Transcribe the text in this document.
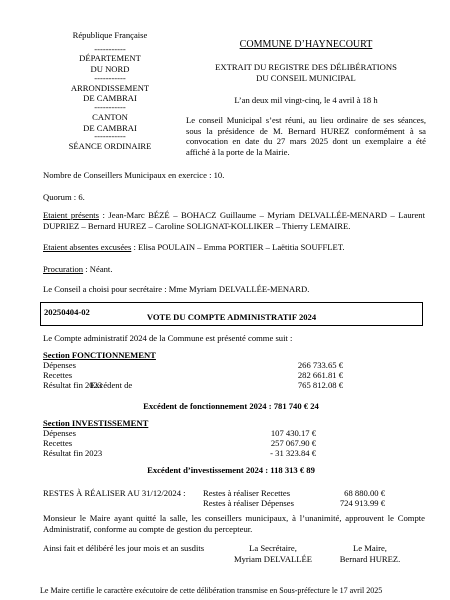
République Française
-----------
DÉPARTEMENT
DU NORD
-----------
ARRONDISSEMENT
DE CAMBRAI
-----------
CANTON
DE CAMBRAI
-----------
SÉANCE ORDINAIRE
COMMUNE D’HAYNECOURT
EXTRAIT DU REGISTRE DES DÉLIBÉRATIONS
DU CONSEIL MUNICIPAL
L’an deux mil vingt-cinq, le 4 avril à 18 h
Le conseil Municipal s’est réuni, au lieu ordinaire de ses séances, sous la présidence de M. Bernard HUREZ conformément à sa convocation en date du 27 mars 2025 dont un exemplaire a été affiché à la porte de la Mairie.
Nombre de Conseillers Municipaux en exercice : 10.
Quorum : 6.
Etaient présents : Jean-Marc BÉZÉ – BOHACZ Guillaume – Myriam DELVALLÉE-MENARD – Laurent DUPRIEZ – Bernard HUREZ – Caroline SOLIGNAT-KOLLIKER – Thierry LEMAIRE.
Etaient absentes excusées : Elisa POULAIN – Emma PORTIER – Laëtitia SOUFFLET.
Procuration : Néant.
Le Conseil a choisi pour secrétaire : Mme Myriam DELVALLÉE-MENARD.
20250404-02	VOTE DU COMPTE ADMINISTRATIF 2024
Le Compte administratif 2024 de la Commune est présenté comme suit :
Section FONCTIONNEMENT
Dépenses	266 733.65 €
Recettes	282 661.81 €
Résultat fin 2023
Excédent de	765 812.08 €
Excédent de fonctionnement 2024 : 781 740 € 24
Section INVESTISSEMENT
Dépenses	107 430.17 €
Recettes	257 067.90 €
Résultat fin 2023	- 31 323.84 €
Excédent d’investissement 2024 : 118 313 € 89
RESTES À RÉALISER AU 31/12/2024 : Restes à réaliser Recettes	68 880.00 €
Restes à réaliser Dépenses	724 913.99 €
Monsieur le Maire ayant quitté la salle, les conseillers municipaux, à l’unanimité, approuvent le Compte Administratif, conforme au compte de gestion du percepteur.
Ainsi fait et délibéré les jour mois et an susdits	La Secrétaire,
Myriam DELVALLÉE
Le Maire,
Bernard HUREZ.
Le Maire certifie le caractère exécutoire de cette délibération transmise en Sous-préfecture le 17 avril 2025
